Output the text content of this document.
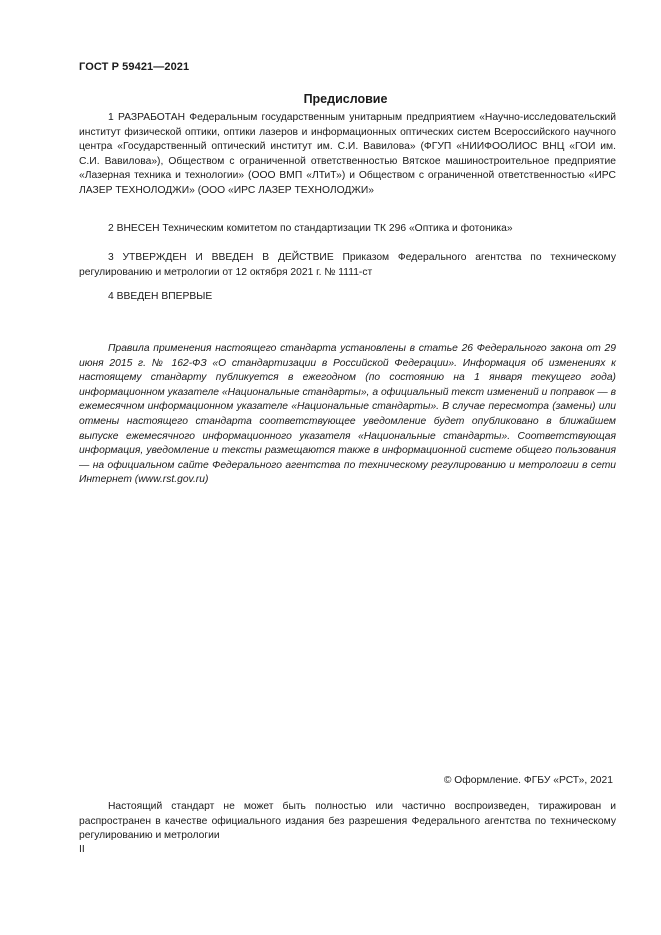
ГОСТ Р 59421—2021
Предисловие

1 РАЗРАБОТАН Федеральным государственным унитарным предприятием «Научно-исследовательский институт физической оптики, оптики лазеров и информационных оптических систем Всероссийского научного центра «Государственный оптический институт им. С.И. Вавилова» (ФГУП «НИИФООЛИОС ВНЦ «ГОИ им. С.И. Вавилова»), Обществом с ограниченной ответственностью Вятское машиностроительное предприятие «Лазерная техника и технологии» (ООО ВМП «ЛТиТ») и Обществом с ограниченной ответственностью «ИРС ЛАЗЕР ТЕХНОЛОДЖИ» (ООО «ИРС ЛАЗЕР ТЕХНОЛОДЖИ»

2 ВНЕСЕН Техническим комитетом по стандартизации ТК 296 «Оптика и фотоника»

3 УТВЕРЖДЕН И ВВЕДЕН В ДЕЙСТВИЕ Приказом Федерального агентства по техническому регулированию и метрологии от 12 октября 2021 г. № 1111-ст

4 ВВЕДЕН ВПЕРВЫЕ

Правила применения настоящего стандарта установлены в статье 26 Федерального закона от 29 июня 2015 г. № 162-ФЗ «О стандартизации в Российской Федерации». Информация об изменениях к настоящему стандарту публикуется в ежегодном (по состоянию на 1 января текущего года) информационном указателе «Национальные стандарты», а официальный текст изменений и поправок — в ежемесячном информационном указателе «Национальные стандарты». В случае пересмотра (замены) или отмены настоящего стандарта соответствующее уведомление будет опубликовано в ближайшем выпуске ежемесячного информационного указателя «Национальные стандарты». Соответствующая информация, уведомление и тексты размещаются также в информационной системе общего пользования — на официальном сайте Федерального агентства по техническому регулированию и метрологии в сети Интернет (www.rst.gov.ru)

© Оформление. ФГБУ «РСТ», 2021

Настоящий стандарт не может быть полностью или частично воспроизведен, тиражирован и распространен в качестве официального издания без разрешения Федерального агентства по техническому регулированию и метрологии

II
